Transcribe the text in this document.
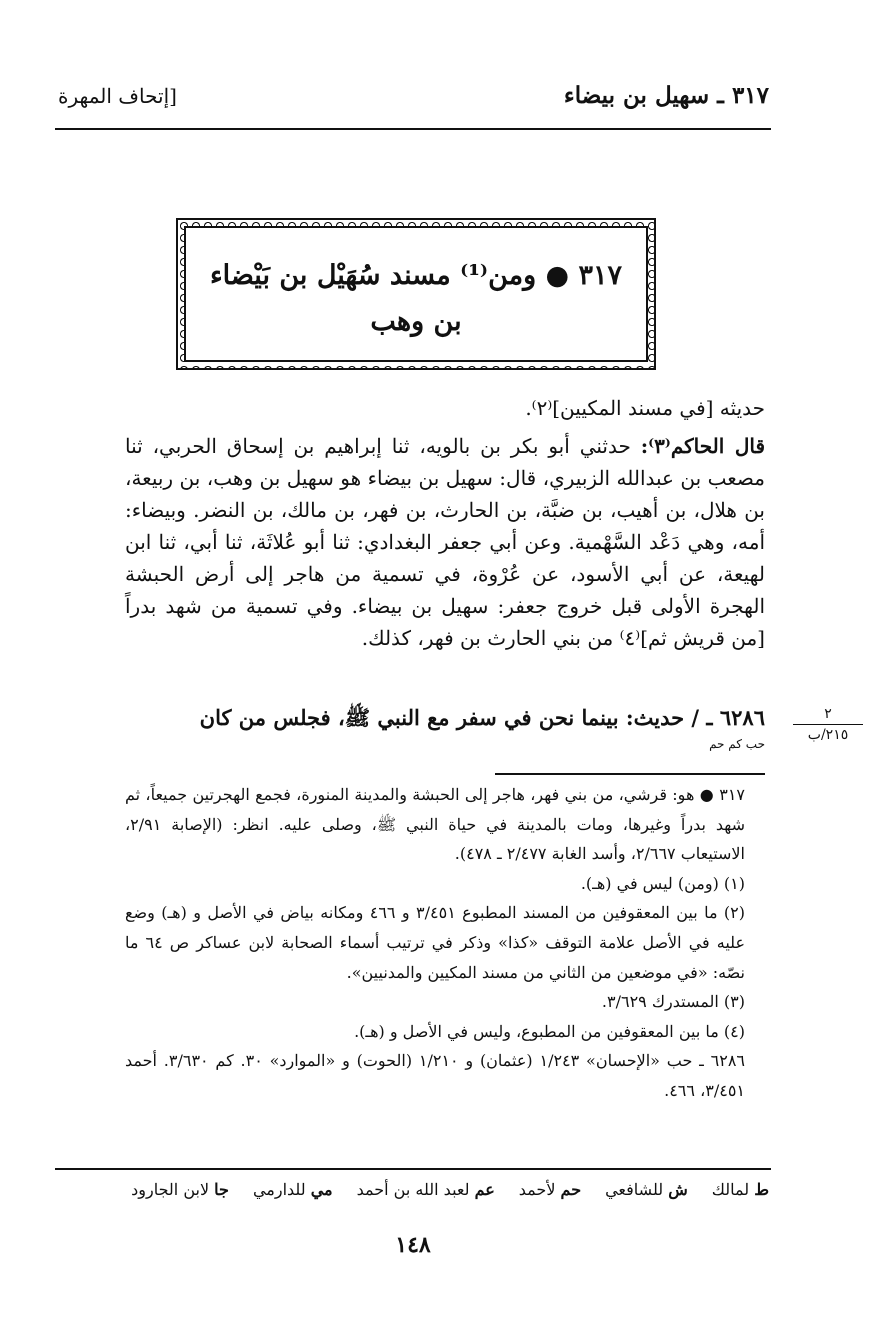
٣١٧ ـ سهيل بن بيضاء
[إتحاف المهرة

٣١٧ ● ومن⁽¹⁾ مسند سُهَيْل بن بَيْضاء بن وهب

حديثه [في مسند المكيين]⁽٢⁾.

قال الحاكم⁽٣⁾: حدثني أبو بكر بن بالويه، ثنا إبراهيم بن إسحاق الحربي، ثنا مصعب بن عبدالله الزبيري، قال: سهيل بن بيضاء هو سهيل بن وهب، بن ربيعة، بن هلال، بن أهيب، بن ضبَّة، بن الحارث، بن فهر، بن مالك، بن النضر. وبيضاء: أمه، وهي دَعْد السَّهْمية. وعن أبي جعفر البغدادي: ثنا أبو عُلاثَة، ثنا أبي، ثنا ابن لهيعة، عن أبي الأسود، عن عُرْوة، في تسمية من هاجر إلى أرض الحبشة الهجرة الأولى قبل خروج جعفر: سهيل بن بيضاء. وفي تسمية من شهد بدراً [من قريش ثم]⁽٤⁾ من بني الحارث بن فهر، كذلك.

٦٢٨٦ ـ / حديث: بينما نحن في سفر مع النبي ﷺ، فجلس من كان
حب كم حم
٢
٢١٥/ب

٣١٧ ● هو: قرشي، من بني فهر، هاجر إلى الحبشة والمدينة المنورة، فجمع الهجرتين جميعاً، ثم شهد بدراً وغيرها، ومات بالمدينة في حياة النبي ﷺ، وصلى عليه. انظر: (الإصابة ٢/٩١، الاستيعاب ٢/٦٦٧، وأسد الغابة ٢/٤٧٧ ـ ٤٧٨).

(١) (ومن) ليس في (هـ).

(٢) ما بين المعقوفين من المسند المطبوع ٣/٤٥١ و ٤٦٦ ومكانه بياض في الأصل و (هـ) وضع عليه في الأصل علامة التوقف «كذا» وذكر في ترتيب أسماء الصحابة لابن عساكر ص ٦٤ ما نصّه: «في موضعين من الثاني من مسند المكيين والمدنيين».

(٣) المستدرك ٣/٦٢٩.

(٤) ما بين المعقوفين من المطبوع، وليس في الأصل و (هـ).

٦٢٨٦ ـ حب «الإحسان» ١/٢٤٣ (عثمان) و ١/٢١٠ (الحوت) و «الموارد» ٣٠. كم ٣/٦٣٠. أحمد ٣/٤٥١، ٤٦٦.

ط لمالك
ش للشافعي
حم لأحمد
عم لعبد الله بن أحمد
مي للدارمي
جا لابن الجارود
١٤٨
